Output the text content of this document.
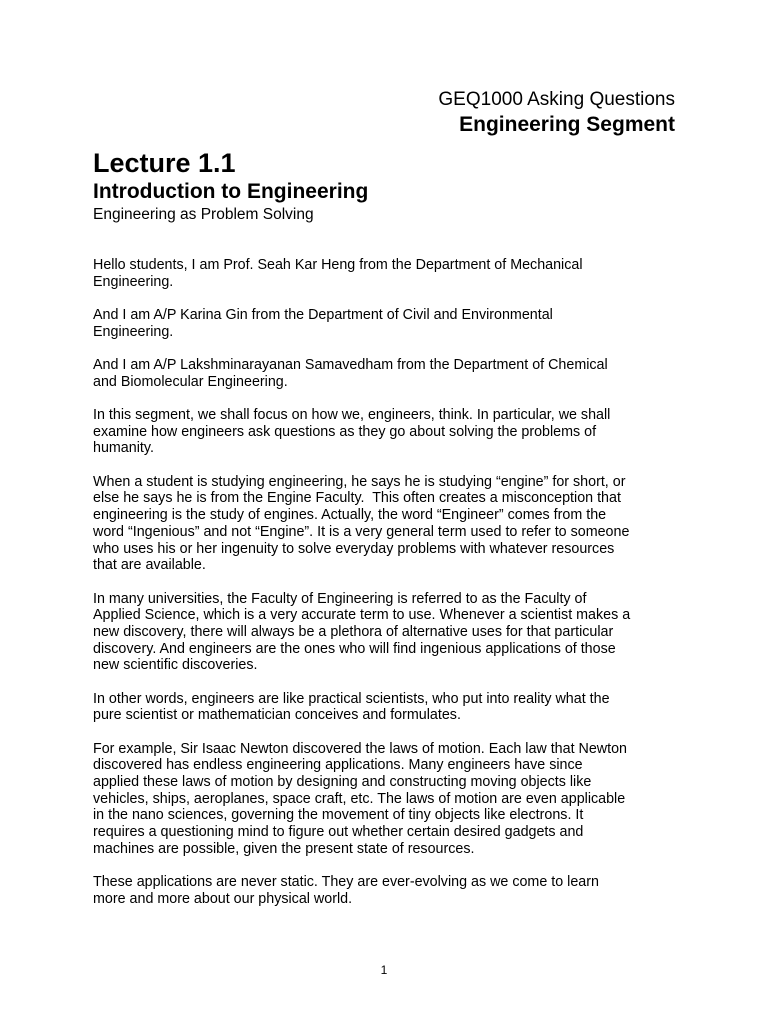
GEQ1000 Asking Questions
Engineering Segment
Lecture 1.1
Introduction to Engineering
Engineering as Problem Solving
Hello students, I am Prof. Seah Kar Heng from the Department of Mechanical
Engineering.
And I am A/P Karina Gin from the Department of Civil and Environmental
Engineering.
And I am A/P Lakshminarayanan Samavedham from the Department of Chemical
and Biomolecular Engineering.
In this segment, we shall focus on how we, engineers, think. In particular, we shall
examine how engineers ask questions as they go about solving the problems of
humanity.
When a student is studying engineering, he says he is studying “engine” for short, or
else he says he is from the Engine Faculty.  This often creates a misconception that
engineering is the study of engines. Actually, the word “Engineer” comes from the
word “Ingenious” and not “Engine”. It is a very general term used to refer to someone
who uses his or her ingenuity to solve everyday problems with whatever resources
that are available.
In many universities, the Faculty of Engineering is referred to as the Faculty of
Applied Science, which is a very accurate term to use. Whenever a scientist makes a
new discovery, there will always be a plethora of alternative uses for that particular
discovery. And engineers are the ones who will find ingenious applications of those
new scientific discoveries.
In other words, engineers are like practical scientists, who put into reality what the
pure scientist or mathematician conceives and formulates.
For example, Sir Isaac Newton discovered the laws of motion. Each law that Newton
discovered has endless engineering applications. Many engineers have since
applied these laws of motion by designing and constructing moving objects like
vehicles, ships, aeroplanes, space craft, etc. The laws of motion are even applicable
in the nano sciences, governing the movement of tiny objects like electrons. It
requires a questioning mind to figure out whether certain desired gadgets and
machines are possible, given the present state of resources.
These applications are never static. They are ever-evolving as we come to learn
more and more about our physical world.
1
